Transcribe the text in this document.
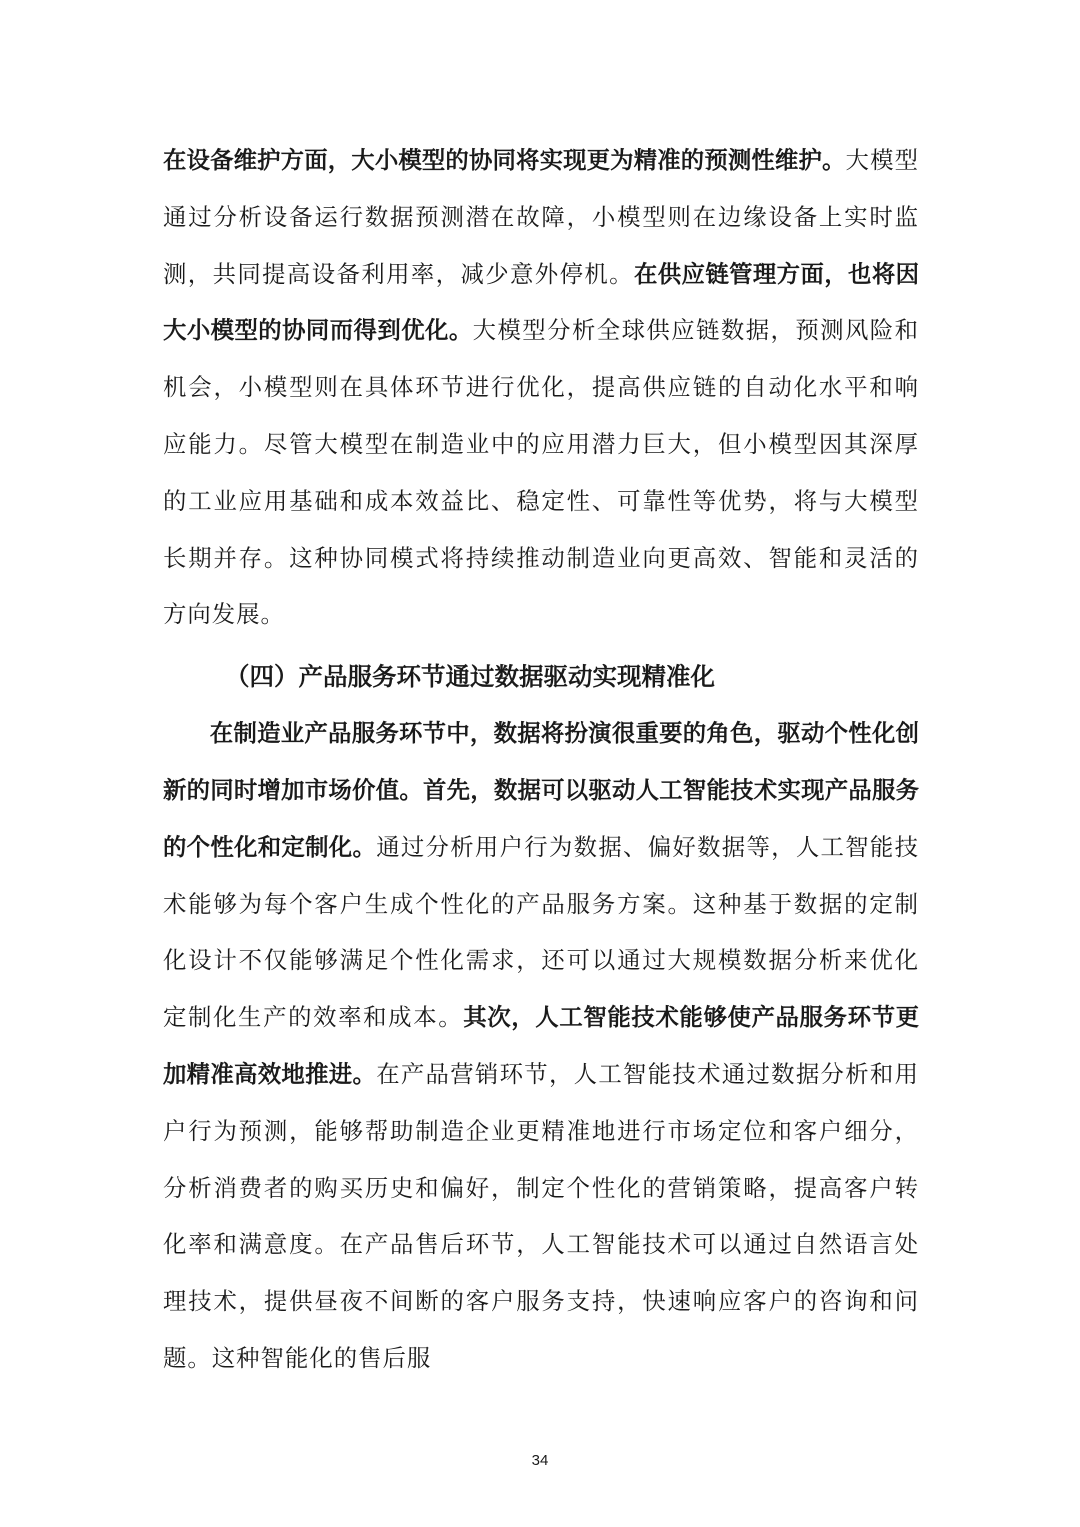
在设备维护方面，大小模型的协同将实现更为精准的预测性维护。大模型通过分析设备运行数据预测潜在故障，小模型则在边缘设备上实时监测，共同提高设备利用率，减少意外停机。在供应链管理方面，也将因大小模型的协同而得到优化。大模型分析全球供应链数据，预测风险和机会，小模型则在具体环节进行优化，提高供应链的自动化水平和响应能力。尽管大模型在制造业中的应用潜力巨大，但小模型因其深厚的工业应用基础和成本效益比、稳定性、可靠性等优势，将与大模型长期并存。这种协同模式将持续推动制造业向更高效、智能和灵活的方向发展。

（四）产品服务环节通过数据驱动实现精准化

在制造业产品服务环节中，数据将扮演很重要的角色，驱动个性化创新的同时增加市场价值。首先，数据可以驱动人工智能技术实现产品服务的个性化和定制化。通过分析用户行为数据、偏好数据等，人工智能技术能够为每个客户生成个性化的产品服务方案。这种基于数据的定制化设计不仅能够满足个性化需求，还可以通过大规模数据分析来优化定制化生产的效率和成本。其次，人工智能技术能够使产品服务环节更加精准高效地推进。在产品营销环节，人工智能技术通过数据分析和用户行为预测，能够帮助制造企业更精准地进行市场定位和客户细分，分析消费者的购买历史和偏好，制定个性化的营销策略，提高客户转化率和满意度。在产品售后环节，人工智能技术可以通过自然语言处理技术，提供昼夜不间断的客户服务支持，快速响应客户的咨询和问题。这种智能化的售后服

34
